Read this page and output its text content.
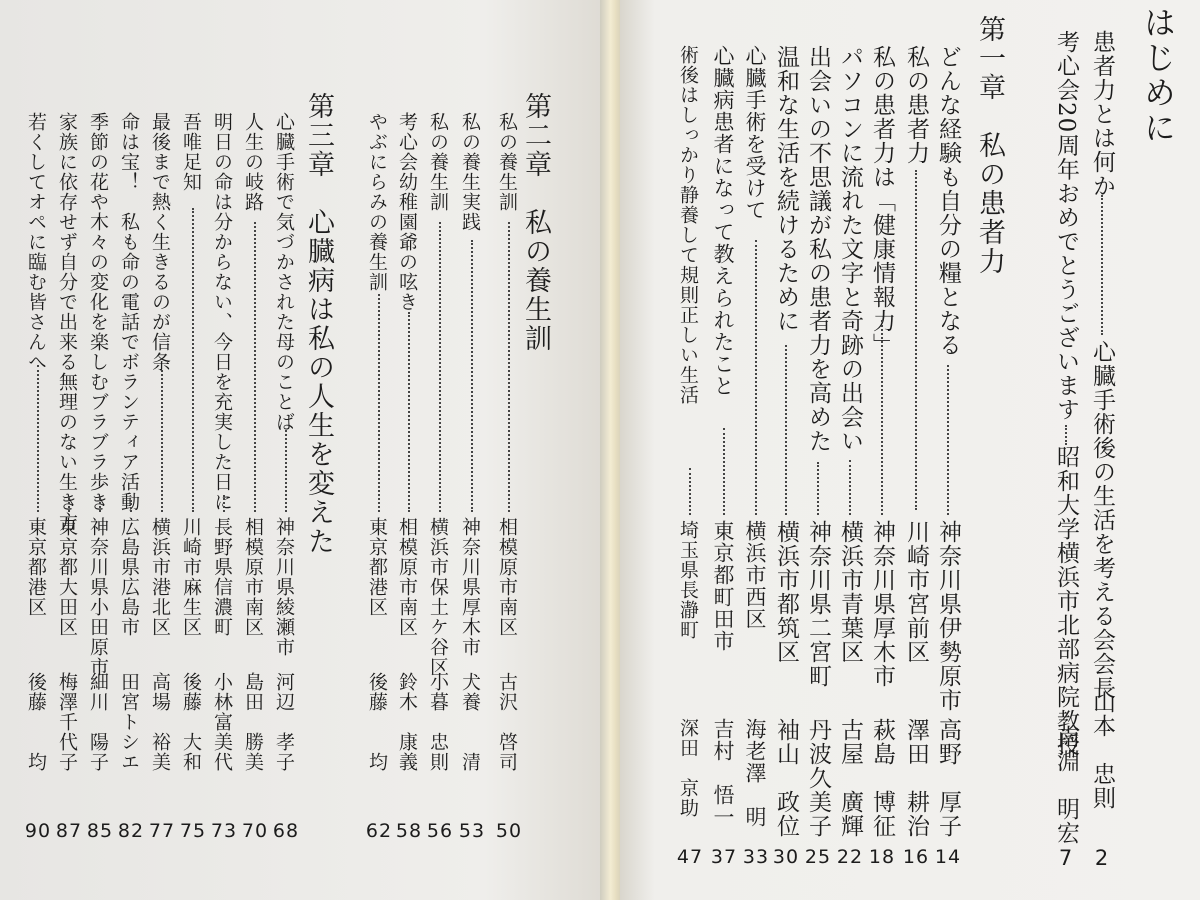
第二章　私の養生訓
私の養生訓
相模原市南区
古沢　啓司
50
私の養生実践
神奈川県厚木市
犬養　　清
53
私の養生訓
横浜市保土ケ谷区
小暮　忠則
56
考心会幼稚園爺の呟き
相模原市南区
鈴木　康義
58
やぶにらみの養生訓
東京都港区
後藤　　均
62
第三章　心臓病は私の人生を変えた
心臓手術で気づかされた母のことば
神奈川県綾瀬市
河辺　孝子
68
人生の岐路
相模原市南区
島田　勝美
70
明日の命は分からない、今日を充実した日に
長野県信濃町
小林富美代
73
吾唯足知
川崎市麻生区
後藤　大和
75
最後まで熱く生きるのが信条
横浜市港北区
高場　裕美
77
命は宝！　私も命の電話でボランティア活動
広島県広島市
田宮トシエ
82
季節の花や木々の変化を楽しむブラブラ歩き
神奈川県小田原市
細川　陽子
85
家族に依存せず自分で出来る無理のない生き方
東京都大田区
梅澤千代子
87
若くしてオペに臨む皆さんへ
東京都港区
後藤　　均
90
はじめに
患者力とは何か
心臓手術後の生活を考える会会長
山本　忠則
2
考心会20周年おめでとうございます
昭和大学横浜市北部病院教授
南淵　明宏
7
第一章　私の患者力
どんな経験も自分の糧となる
神奈川県伊勢原市
高野　厚子
14
私の患者力
川崎市宮前区
澤田　耕治
16
私の患者力は「健康情報力」
神奈川県厚木市
萩島　博征
18
パソコンに流れた文字と奇跡の出会い
横浜市青葉区
古屋　廣輝
22
出会いの不思議が私の患者力を高めた
神奈川県二宮町
丹波久美子
25
温和な生活を続けるために
横浜市都筑区
袖山　政位
30
心臓手術を受けて
横浜市西区
海老澤　明
33
心臓病患者になって教えられたこと
東京都町田市
吉村　悟一
37
術後はしっかり静養して規則正しい生活
埼玉県長瀞町
深田　京助
47
